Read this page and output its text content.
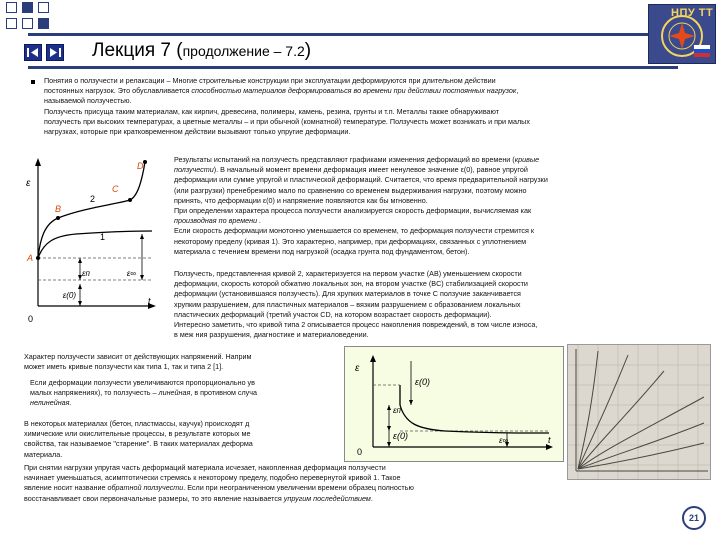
Лекция 7 (продолжение – 7.2)
НПУ ТТ
Понятия о ползучести и релаксации – Многие строительные конструкции при эксплуатации деформируются при длительном действии
постоянных нагрузок. Это обуславливается способностью материалов деформироваться во времени при действии постоянных нагрузок,
называемой ползучестью.
Ползучесть присуща таким материалам, как кирпич, древесина, полимеры, камень, резина, грунты и т.п. Металлы также обнаруживают
ползучесть при высоких температурах, а цветные металлы – и при обычной (комнатной) температуре. Ползучесть может возникать и при малых
нагрузках, которые при кратковременном действии вызывают только упругие деформации.
ε
0
t
A
B
C
D
2
1
εп
ε(0)
ε∞
Результаты испытаний на ползучесть представляют графиками изменения деформаций во времени (кривые
ползучести). В начальный момент времени деформация имеет ненулевое значение ε(0), равное упругой
деформации или сумме упругой и пластической деформаций. Считается, что время предварительной нагрузки
(или разгрузки) пренебрежимо мало по сравнению со временем выдерживания нагрузки, поэтому можно
принять, что деформации ε(0) и напряжение появляются как бы мгновенно.
При определении характера процесса ползучести анализируется скорость деформации, вычисляемая как
производная по времени .
Если скорость деформации монотонно уменьшается со временем, то деформация ползучести стремится к
некоторому пределу (кривая 1). Это характерно, например, при деформациях, связанных с уплотнением
материала с течением времени под нагрузкой (осадка грунта под фундаментом, бетон).
Ползучесть, представленная кривой 2, характеризуется на первом участке (AB) уменьшением скорости
деформации, скорость которой обжатию локальных зон, на втором участке (BC) стабилизацией скорости
деформации (установившаяся ползучесть). Для хрупких материалов в точке C ползучие заканчивается
хрупким разрушением, для пластичных материалов – вязким разрушением с образованием локальных
пластических деформаций (третий участок CD, на котором возрастает скорость деформации).
Интересно заметить, что кривой типа 2 описывается процесс накопления повреждений, в том числе износа,
в меж ния разрушения, диагностике и материаловедении.
Характер ползучести зависит от действующих напряжений. Наприм
может иметь кривые ползучести как типа 1, так и типа 2 [1].
Если деформации ползучести увеличиваются пропорционально ув
малых напряжениях), то ползучесть – линейная, в противном случа
нелинейная.
В некоторых материалах (бетон, пластмассы, каучук) происходят д
химические или окислительные процессы, в результате которых ме
свойства, так называемое "старение". В таких материалах деформа
материала.
При снятии нагрузки упругая часть деформаций материала исчезает, накопленная деформация ползучести
начинает уменьшаться, асимптотически стремясь к некоторому пределу, подобно перевернутой кривой 1. Такое
явление носит название обратной ползучести. Если при неограниченном увеличении времени образец полностью
восстанавливает свои первоначальные размеры, то это явление называется упругим последействием.
ε
0
t
ε(0)
εп
ε(0)	ε∞
21
